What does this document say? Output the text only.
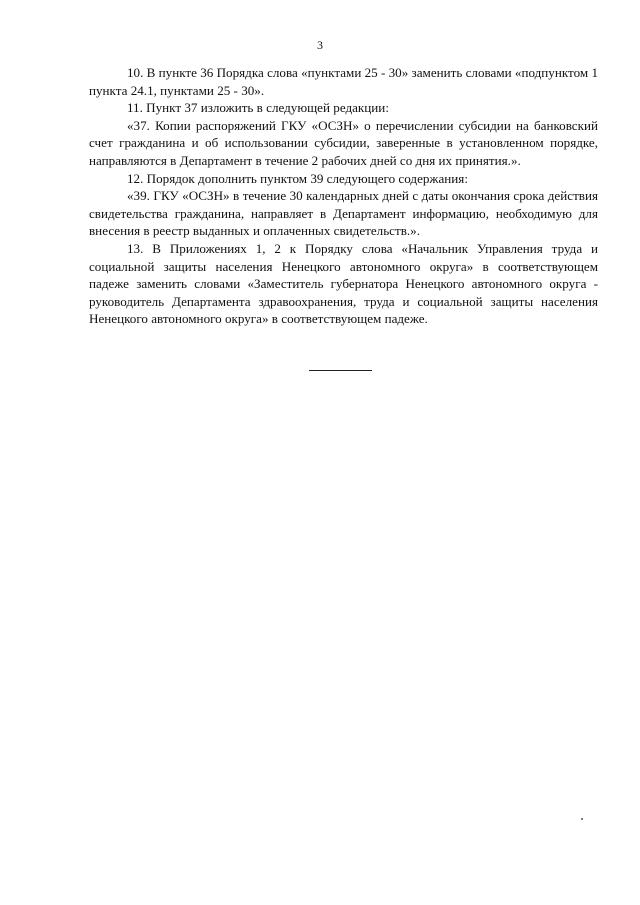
3

10. В пункте 36 Порядка слова «пунктами 25 - 30» заменить словами «подпунктом 1 пункта 24.1, пунктами 25 - 30».

11. Пункт 37 изложить в следующей редакции:

«37. Копии распоряжений ГКУ «ОСЗН» о перечислении субсидии на банковский счет гражданина и об использовании субсидии, заверенные в установленном порядке, направляются в Департамент в течение 2 рабочих дней со дня их принятия.».

12. Порядок дополнить пунктом 39 следующего содержания:

«39. ГКУ «ОСЗН» в течение 30 календарных дней с даты окончания срока действия свидетельства гражданина, направляет в Департамент информацию, необходимую для внесения в реестр выданных и оплаченных свидетельств.».

13. В Приложениях 1, 2 к Порядку слова «Начальник Управления труда и социальной защиты населения Ненецкого автономного округа» в соответствующем падеже заменить словами «Заместитель губернатора Ненецкого автономного округа - руководитель Департамента здравоохранения, труда и социальной защиты населения Ненецкого автономного округа» в соответствующем падеже.
